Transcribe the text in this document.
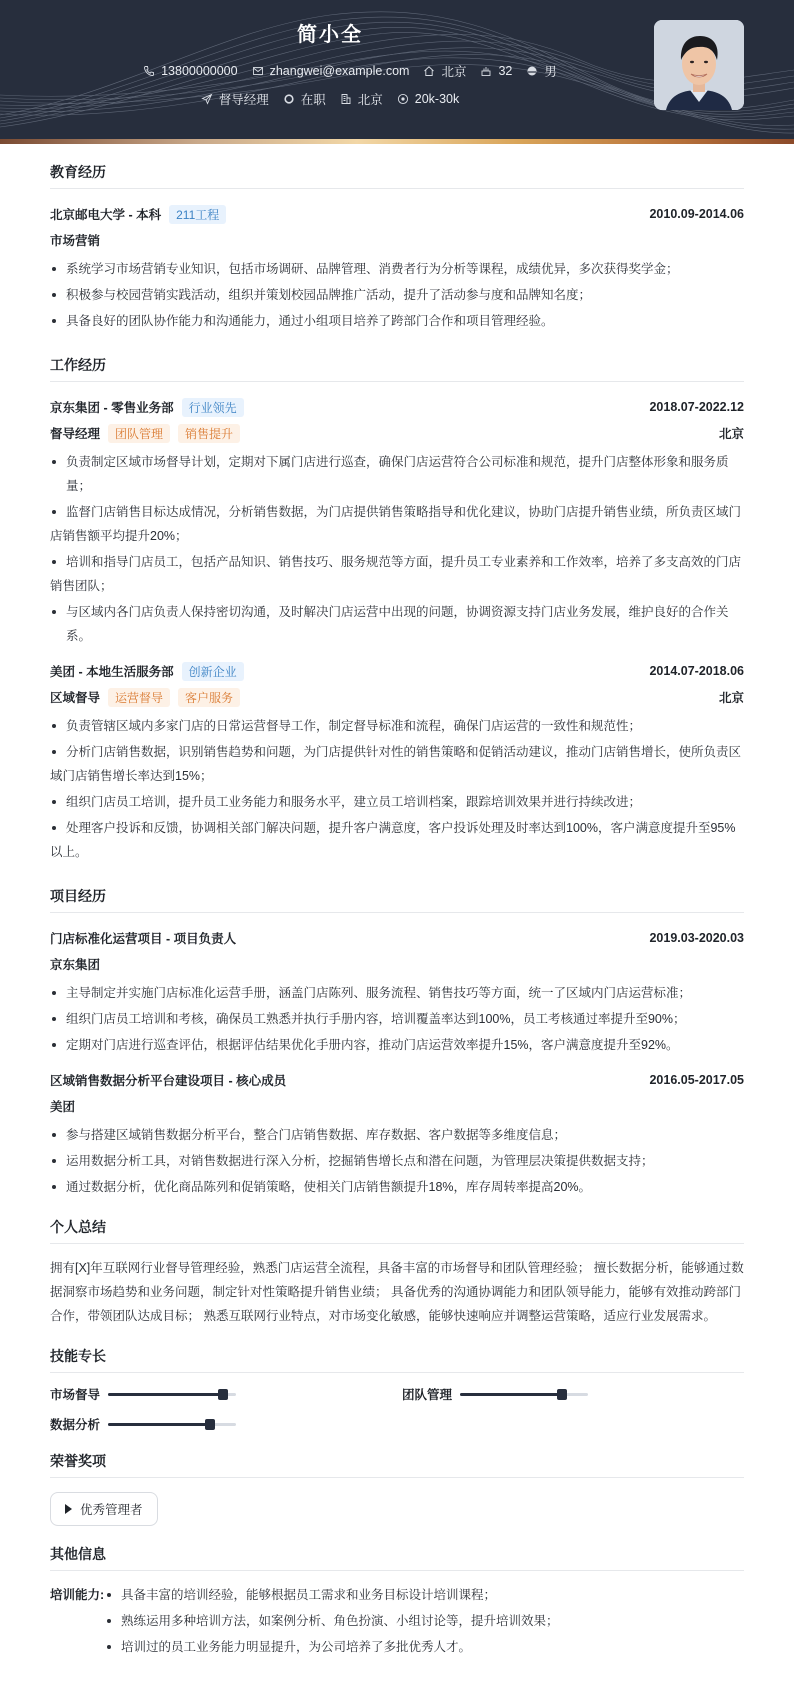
简小全
13800000000	zhangwei@example.com	北京	32	男
督导经理	在职	北京	20k-30k
教育经历
北京邮电大学 - 本科	211工程	2010.09-2014.06
市场营销
系统学习市场营销专业知识，包括市场调研、品牌管理、消费者行为分析等课程，成绩优异，多次获得奖学金；
积极参与校园营销实践活动，组织并策划校园品牌推广活动，提升了活动参与度和品牌知名度；
具备良好的团队协作能力和沟通能力，通过小组项目培养了跨部门合作和项目管理经验。
工作经历
京东集团 - 零售业务部	行业领先	2018.07-2022.12
督导经理	团队管理	销售提升	北京
负责制定区域市场督导计划，定期对下属门店进行巡查，确保门店运营符合公司标准和规范，提升门店整体形象和服务质量；
监督门店销售目标达成情况，分析销售数据，为门店提供销售策略指导和优化建议，协助门店提升销售业绩，所负责区域门店销售额平均提升20%；
培训和指导门店员工，包括产品知识、销售技巧、服务规范等方面，提升员工专业素养和工作效率，培养了多支高效的门店销售团队；
与区域内各门店负责人保持密切沟通，及时解决门店运营中出现的问题，协调资源支持门店业务发展，维护良好的合作关系。
美团 - 本地生活服务部	创新企业	2014.07-2018.06
区域督导	运营督导	客户服务	北京
负责管辖区域内多家门店的日常运营督导工作，制定督导标准和流程，确保门店运营的一致性和规范性；
分析门店销售数据，识别销售趋势和问题，为门店提供针对性的销售策略和促销活动建议，推动门店销售增长，使所负责区域门店销售增长率达到15%；
组织门店员工培训，提升员工业务能力和服务水平，建立员工培训档案，跟踪培训效果并进行持续改进；
处理客户投诉和反馈，协调相关部门解决问题，提升客户满意度，客户投诉处理及时率达到100%，客户满意度提升至95%以上。
项目经历
门店标准化运营项目 - 项目负责人	2019.03-2020.03
京东集团
主导制定并实施门店标准化运营手册，涵盖门店陈列、服务流程、销售技巧等方面，统一了区域内门店运营标准；
组织门店员工培训和考核，确保员工熟悉并执行手册内容，培训覆盖率达到100%，员工考核通过率提升至90%；
定期对门店进行巡查评估，根据评估结果优化手册内容，推动门店运营效率提升15%，客户满意度提升至92%。
区域销售数据分析平台建设项目 - 核心成员	2016.05-2017.05
美团
参与搭建区域销售数据分析平台，整合门店销售数据、库存数据、客户数据等多维度信息；
运用数据分析工具，对销售数据进行深入分析，挖掘销售增长点和潜在问题，为管理层决策提供数据支持；
通过数据分析，优化商品陈列和促销策略，使相关门店销售额提升18%，库存周转率提高20%。
个人总结
拥有[X]年互联网行业督导管理经验，熟悉门店运营全流程，具备丰富的市场督导和团队管理经验； 擅长数据分析，能够通过数据洞察市场趋势和业务问题，制定针对性策略提升销售业绩； 具备优秀的沟通协调能力和团队领导能力，能够有效推动跨部门合作，带领团队达成目标； 熟悉互联网行业特点，对市场变化敏感，能够快速响应并调整运营策略，适应行业发展需求。
技能专长
市场督导	团队管理
数据分析
荣誉奖项
优秀管理者
其他信息
培训能力:	具备丰富的培训经验，能够根据员工需求和业务目标设计培训课程；
熟练运用多种培训方法，如案例分析、角色扮演、小组讨论等，提升培训效果；
培训过的员工业务能力明显提升，为公司培养了多批优秀人才。
